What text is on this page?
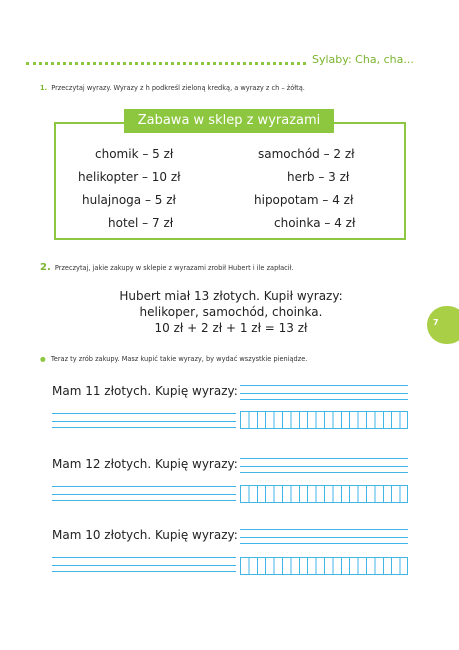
Sylaby: Cha, cha...
1. Przeczytaj wyrazy. Wyrazy z h podkreśl zieloną kredką, a wyrazy z ch – żółtą.
Zabawa w sklep z wyrazami
chomik – 5 zł
helikopter – 10 zł
hulajnoga – 5 zł
hotel – 7 zł
samochód – 2 zł
herb – 3 zł
hipopotam – 4 zł
choinka – 4 zł
2. Przeczytaj, jakie zakupy w sklepie z wyrazami zrobił Hubert i ile zapłacił.
Hubert miał 13 złotych. Kupił wyrazy:
helikoper, samochód, choinka.
10 zł + 2 zł + 1 zł = 13 zł	7
● Teraz ty zrób zakupy. Masz kupić takie wyrazy, by wydać wszystkie pieniądze.
Mam 11 złotych. Kupię wyrazy:
Mam 12 złotych. Kupię wyrazy:
Mam 10 złotych. Kupię wyrazy:
